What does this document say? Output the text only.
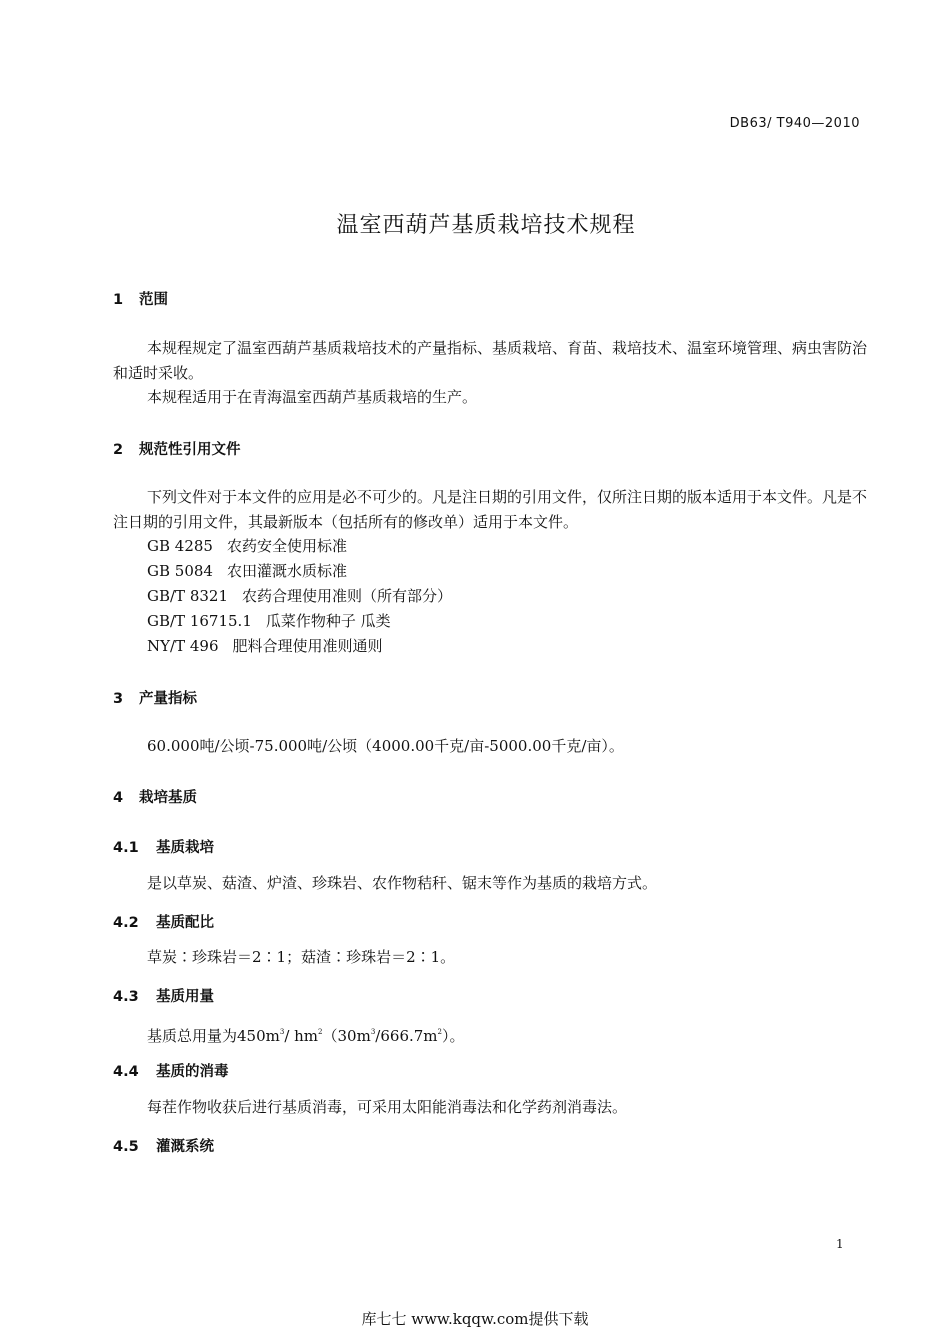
DB63/ T940—2010
温室西葫芦基质栽培技术规程
1 范围
本规程规定了温室西葫芦基质栽培技术的产量指标、基质栽培、育苗、栽培技术、温室环境管理、病虫害防治和适时采收。
本规程适用于在青海温室西葫芦基质栽培的生产。
2 规范性引用文件
下列文件对于本文件的应用是必不可少的。凡是注日期的引用文件，仅所注日期的版本适用于本文件。凡是不注日期的引用文件，其最新版本（包括所有的修改单）适用于本文件。
GB 4285 农药安全使用标准
GB 5084 农田灌溉水质标准
GB/T 8321 农药合理使用准则（所有部分）
GB/T 16715.1 瓜菜作物种子 瓜类
NY/T 496 肥料合理使用准则通则
3 产量指标
60.000吨/公顷-75.000吨/公顷（4000.00千克/亩-5000.00千克/亩）。
4 栽培基质
4.1 基质栽培
是以草炭、菇渣、炉渣、珍珠岩、农作物秸秆、锯末等作为基质的栽培方式。
4.2 基质配比
草炭∶珍珠岩＝2∶1；菇渣∶珍珠岩＝2∶1。
4.3 基质用量
基质总用量为$450m^3/$ $hm^2(30m^3/666.7m^2)$。
4.4 基质的消毒
每茬作物收获后进行基质消毒，可采用太阳能消毒法和化学药剂消毒法。
4.5 灌溉系统
1
库七七 www.kqqw.com提供下载
